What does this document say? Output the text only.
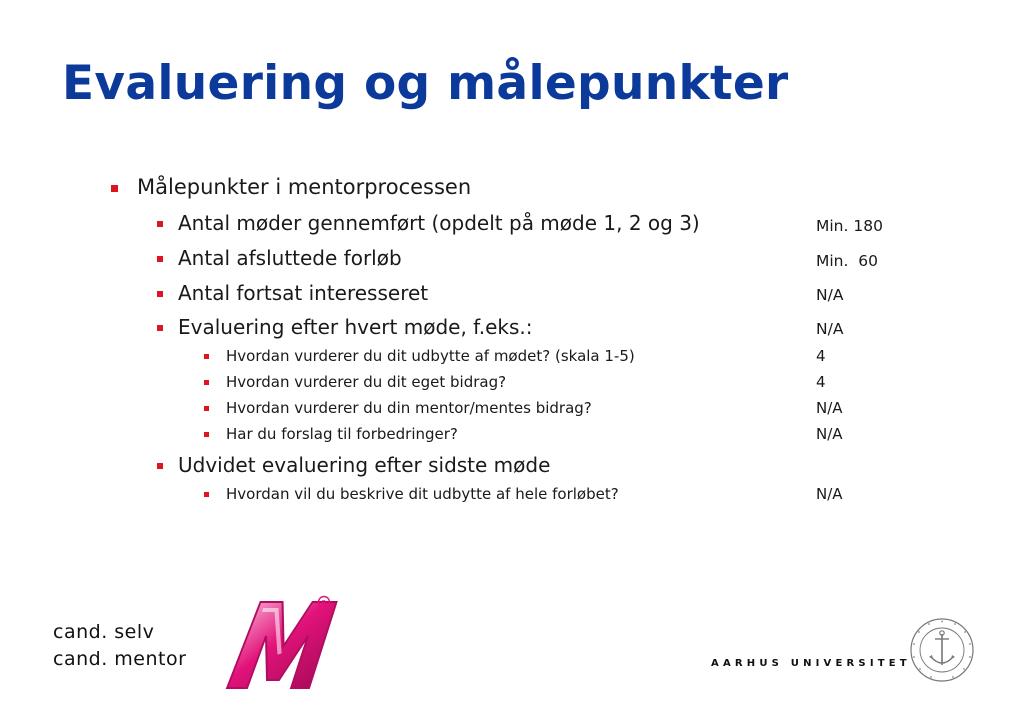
Evaluering og målepunkter
Målepunkter i mentorprocessen
Antal møder gennemført (opdelt på møde 1, 2 og 3)	Min. 180
Antal afsluttede forløb	Min.  60
Antal fortsat interesseret	N/A
Evaluering efter hvert møde, f.eks.:	N/A
Hvordan vurderer du dit udbytte af mødet? (skala 1-5)	4
Hvordan vurderer du dit eget bidrag?	4
Hvordan vurderer du din mentor/mentes bidrag?	N/A
Har du forslag til forbedringer?	N/A
Udvidet evaluering efter sidste møde
Hvordan vil du beskrive dit udbytte af hele forløbet?	N/A
cand. selv
cand. mentor
R
AARHUS UNIVERSITET
